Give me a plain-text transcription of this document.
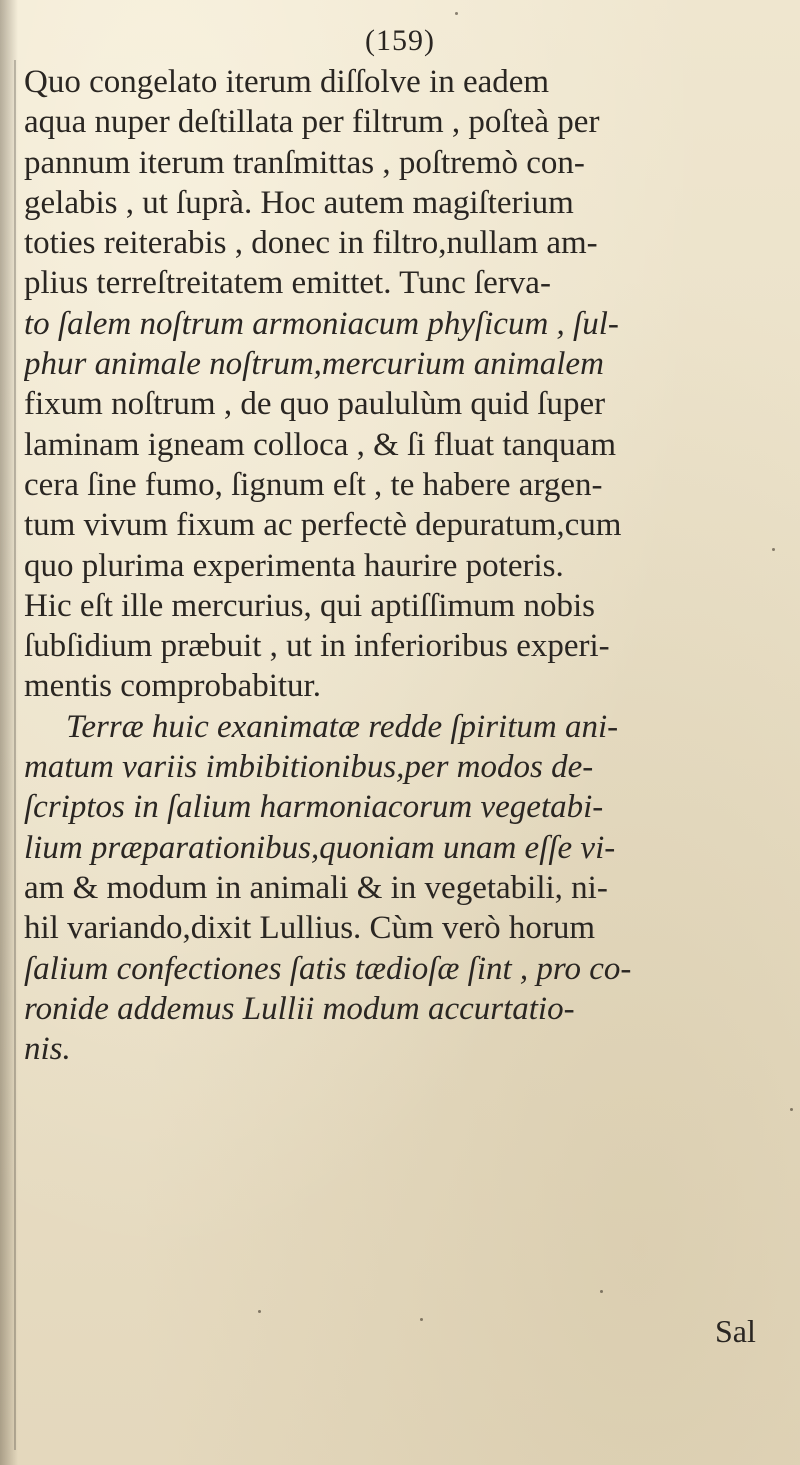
(159)
Quo congelato iterum diſſolve in eadem
aqua nuper deſtillata per filtrum , poſteà per
pannum iterum tranſmittas , poſtremò con-
gelabis , ut ſuprà. Hoc autem magiſterium
toties reiterabis , donec in filtro,nullam am-
plius terreſtreitatem emittet. Tunc ſerva-
to ſalem noſtrum armoniacum phyſicum , ſul-
phur animale noſtrum,mercurium animalem
fixum noſtrum , de quo paululùm quid ſuper
laminam igneam colloca , & ſi fluat tanquam
cera ſine fumo, ſignum eſt , te habere argen-
tum vivum fixum ac perfectè depuratum,cum
quo plurima experimenta haurire poteris.
Hic eſt ille mercurius, qui aptiſſimum nobis
ſubſidium præbuit , ut in inferioribus experi-
mentis comprobabitur.
Terræ huic exanimatæ redde ſpiritum ani-
matum variis imbibitionibus,per modos de-
ſcriptos in ſalium harmoniacorum vegetabi-
lium præparationibus,quoniam unam eſſe vi-
am & modum in animali & in vegetabili, ni-
hil variando,dixit Lullius. Cùm verò horum
ſalium confectiones ſatis tædioſæ ſint , pro co-
ronide addemus Lullii modum accurtatio-
nis.
Sal
